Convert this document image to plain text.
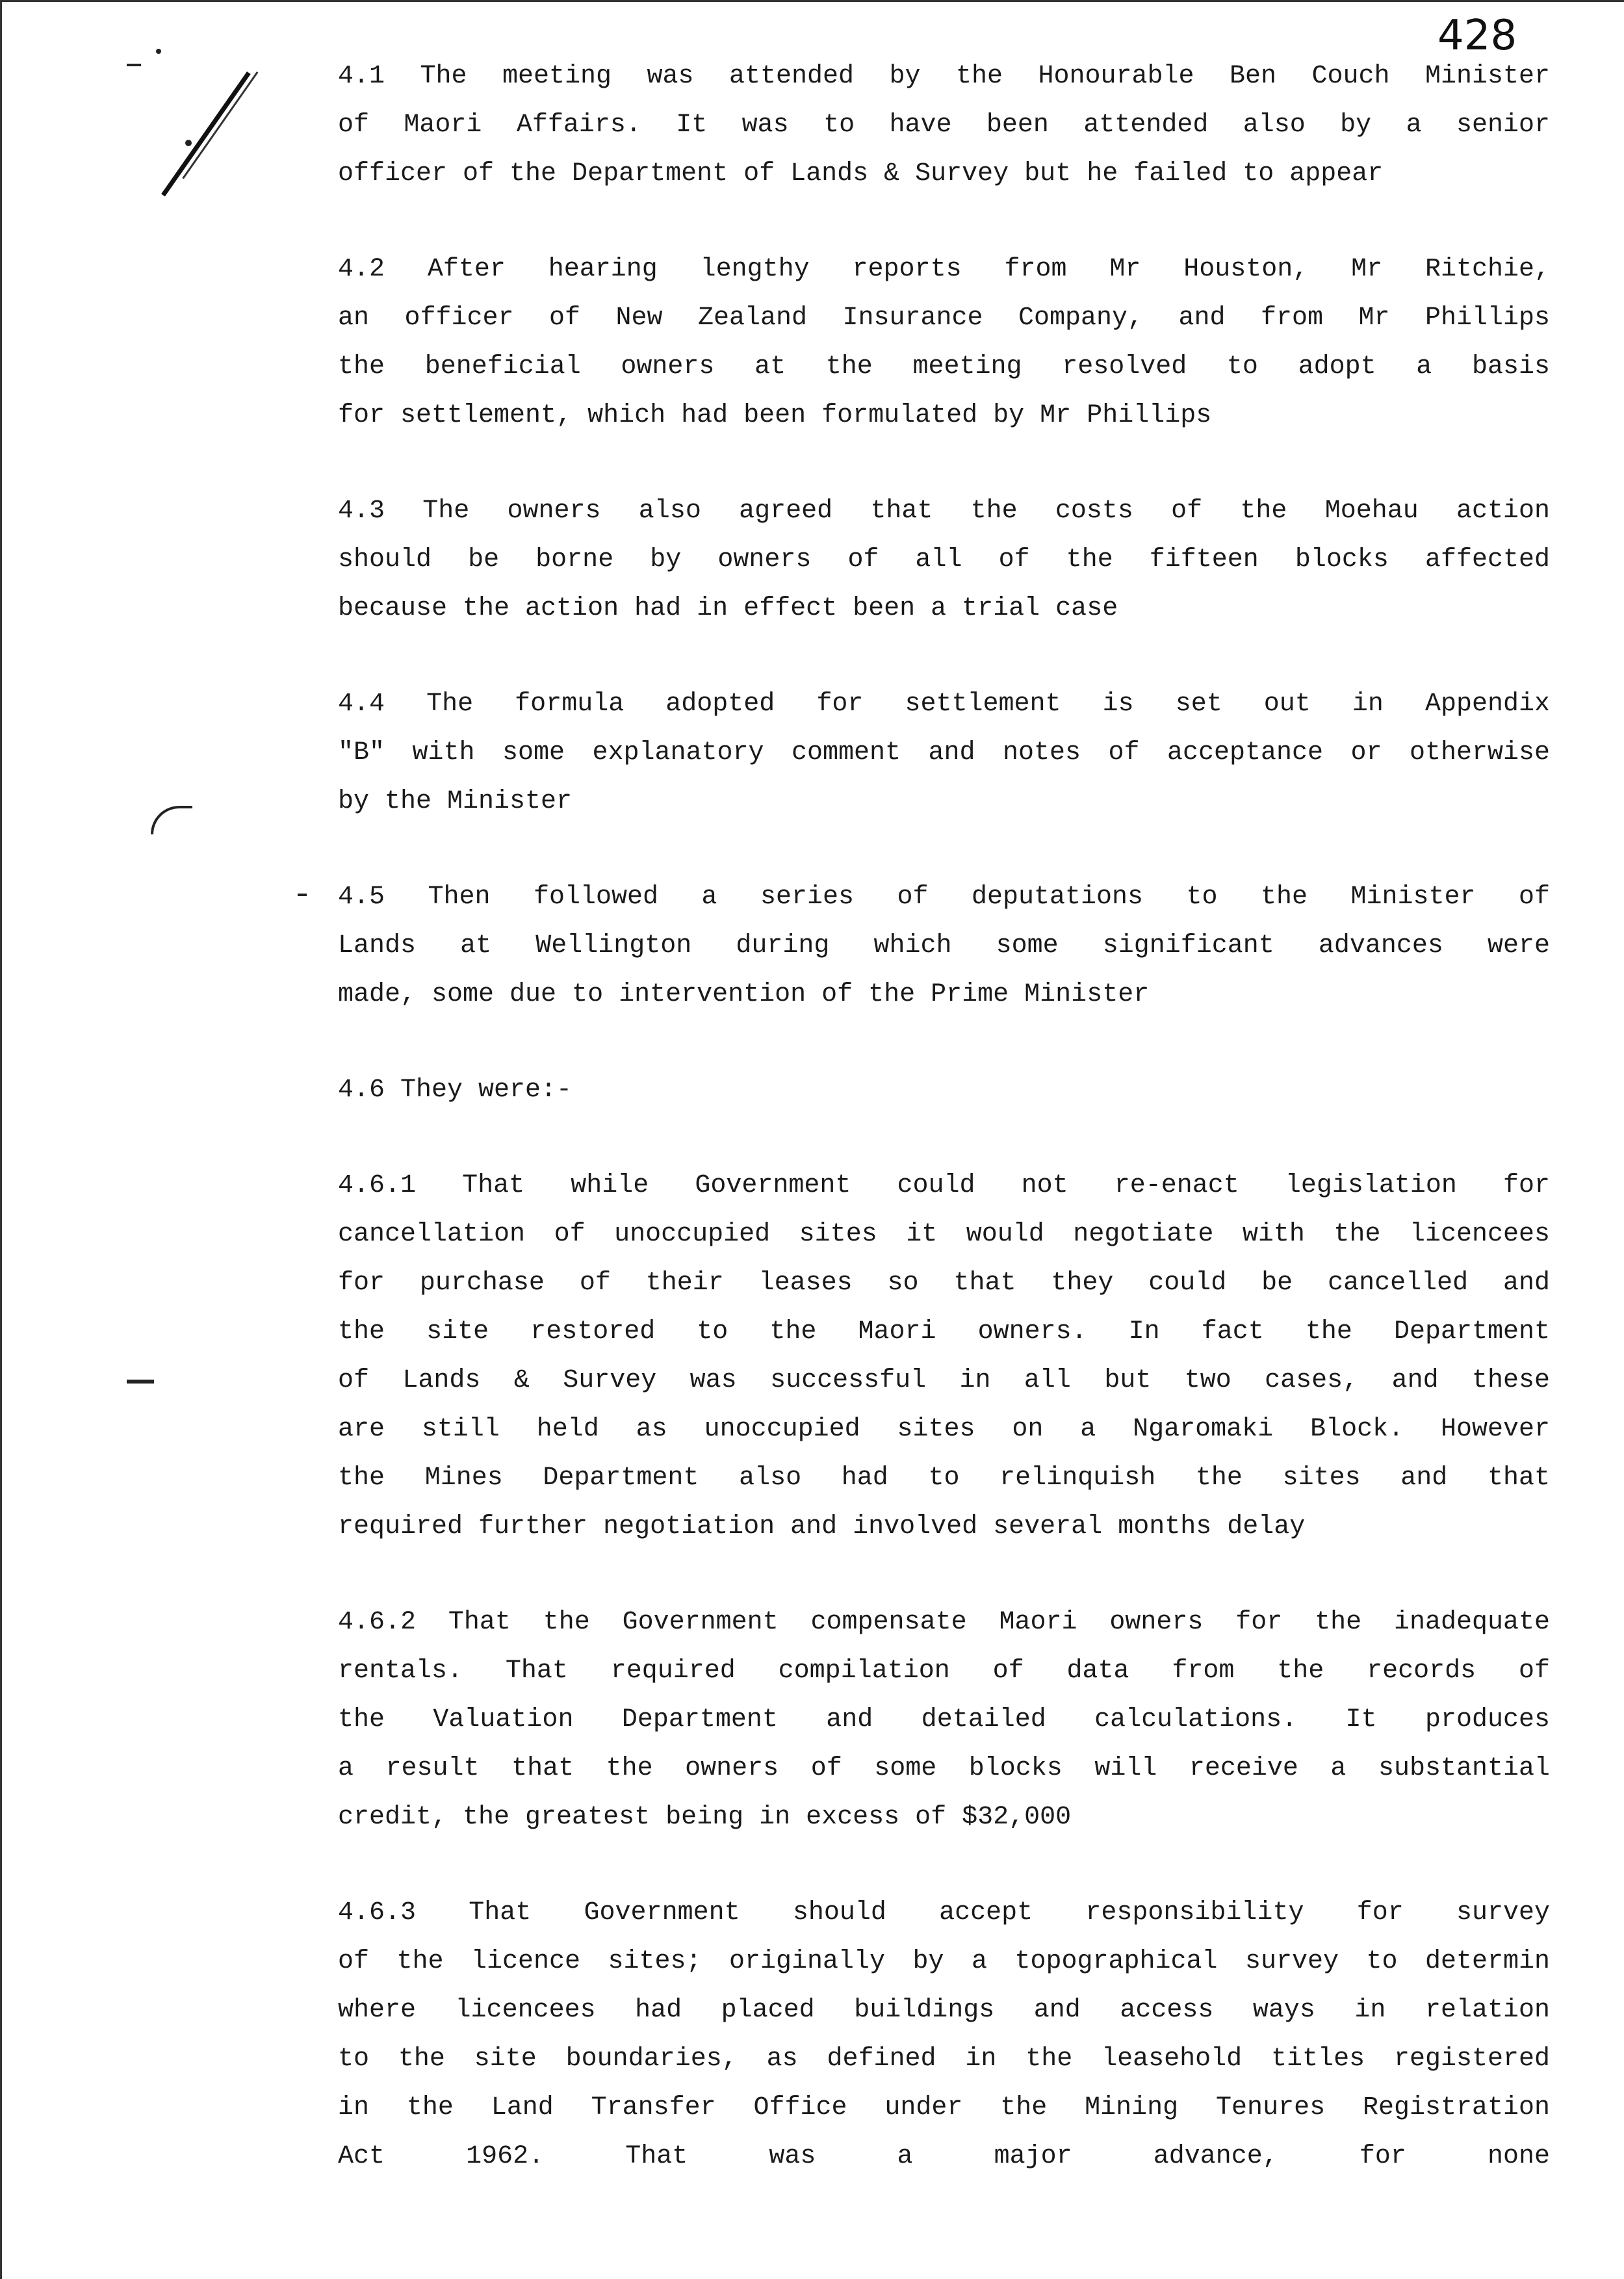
428
4.1 The meeting was attended by the Honourable Ben Couch Minister
of Maori Affairs. It was to have been attended also by a senior
officer of the Department of Lands & Survey but he failed to appear
4.2 After hearing lengthy reports from Mr Houston, Mr Ritchie,
an officer of New Zealand Insurance Company, and from Mr Phillips
the beneficial owners at the meeting resolved to adopt a basis
for settlement, which had been formulated by Mr Phillips
4.3 The owners also agreed that the costs of the Moehau action
should be borne by owners of all of the fifteen blocks affected
because the action had in effect been a trial case
4.4 The formula adopted for settlement is set out in Appendix
"B" with some explanatory comment and notes of acceptance or otherwise
by the Minister
4.5 Then followed a series of deputations to the Minister of
Lands at Wellington during which some significant advances were
made, some due to intervention of the Prime Minister
4.6 They were:-
4.6.1 That while Government could not re-enact legislation for
cancellation of unoccupied sites it would negotiate with the licencees
for purchase of their leases so that they could be cancelled and
the site restored to the Maori owners. In fact the Department
of Lands & Survey was successful in all but two cases, and these
are still held as unoccupied sites on a Ngaromaki Block. However
the Mines Department also had to relinquish the sites and that
required further negotiation and involved several months delay
4.6.2 That the Government compensate Maori owners for the inadequate
rentals. That required compilation of data from the records of
the Valuation Department and detailed calculations. It produces
a result that the owners of some blocks will receive a substantial
credit, the greatest being in excess of $32,000
4.6.3 That Government should accept responsibility for survey
of the licence sites; originally by a topographical survey to determin
where licencees had placed buildings and access ways in relation
to the site boundaries, as defined in the leasehold titles registered
in the Land Transfer Office under the Mining Tenures Registration
Act 1962. That was a major advance, for none
